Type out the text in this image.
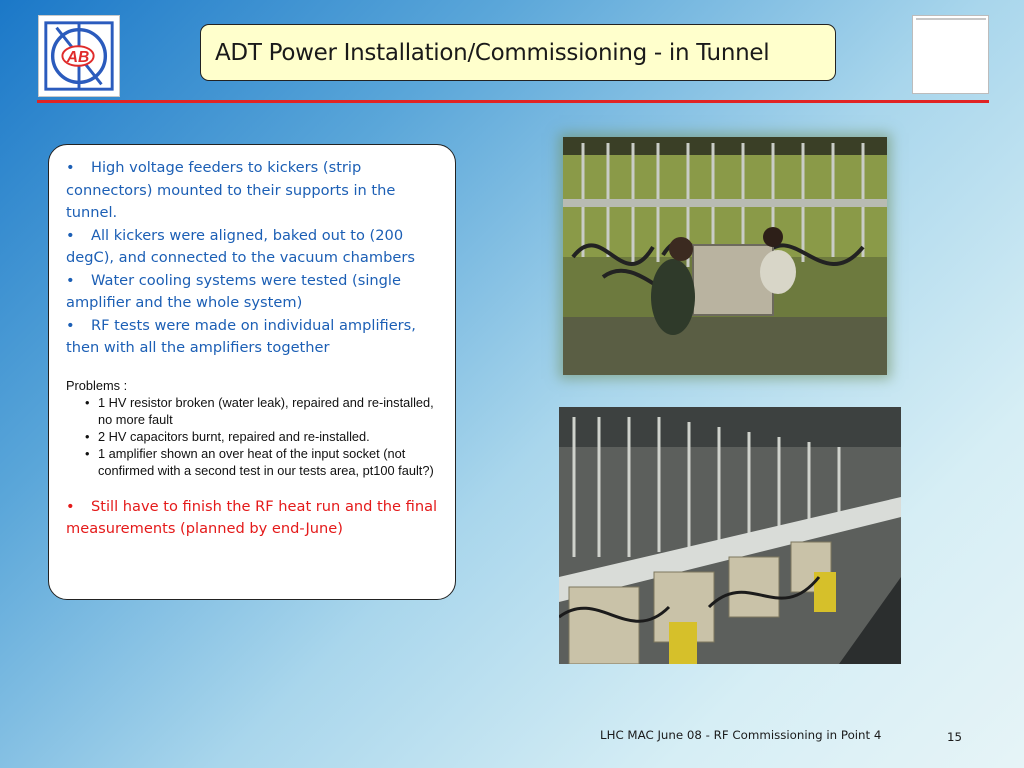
AB	ADT Power Installation/Commissioning - in Tunnel
• High voltage feeders to kickers (strip connectors) mounted to their supports in the tunnel.
• All kickers were aligned, baked out to (200 degC), and connected to the vacuum chambers
• Water cooling systems were tested (single amplifier and the whole system)
• RF tests were made on individual amplifiers, then with all the amplifiers together
Problems :
• 1 HV resistor broken (water leak), repaired and re-installed, no more fault
• 2 HV capacitors burnt, repaired and re-installed.
• 1 amplifier shown an over heat of the input socket (not confirmed with a second test in our tests area, pt100 fault?)
• Still have to finish the RF heat run and the final measurements (planned by end-June)
LHC MAC June 08 - RF Commissioning in Point 4	15
